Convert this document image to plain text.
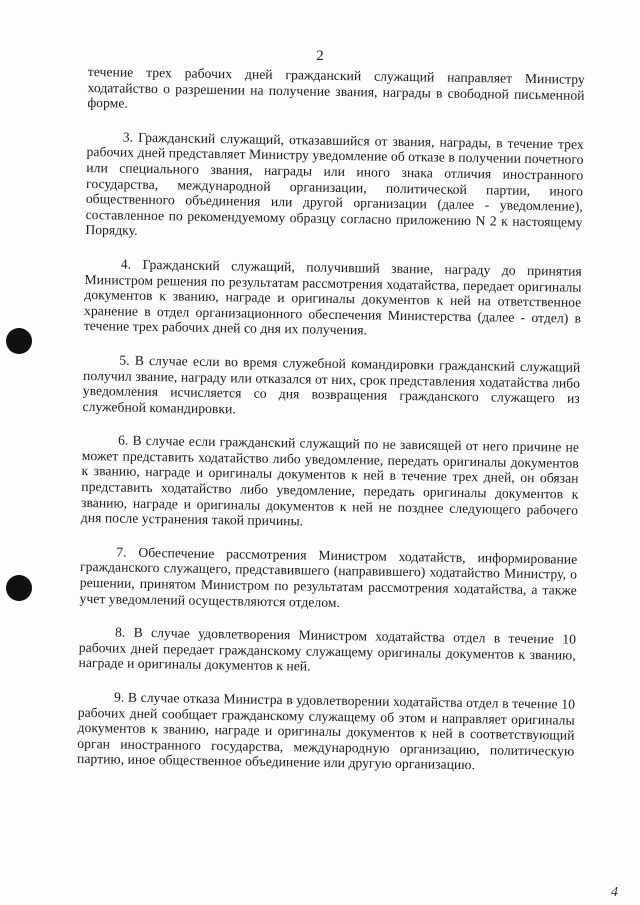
2

течение трех рабочих дней гражданский служащий направляет Министру ходатайство о разрешении на получение звания, награды в свободной письменной форме.

3. Гражданский служащий, отказавшийся от звания, награды, в течение трех рабочих дней представляет Министру уведомление об отказе в получении почетного или специального звания, награды или иного знака отличия иностранного государства, международной организации, политической партии, иного общественного объединения или другой организации (далее - уведомление), составленное по рекомендуемому образцу согласно приложению N 2 к настоящему Порядку.

4. Гражданский служащий, получивший звание, награду до принятия Министром решения по результатам рассмотрения ходатайства, передает оригиналы документов к званию, награде и оригиналы документов к ней на ответственное хранение в отдел организационного обеспечения Министерства (далее - отдел) в течение трех рабочих дней со дня их получения.

5. В случае если во время служебной командировки гражданский служащий получил звание, награду или отказался от них, срок представления ходатайства либо уведомления исчисляется со дня возвращения гражданского служащего из служебной командировки.

6. В случае если гражданский служащий по не зависящей от него причине не может представить ходатайство либо уведомление, передать оригиналы документов к званию, награде и оригиналы документов к ней в течение трех дней, он обязан представить ходатайство либо уведомление, передать оригиналы документов к званию, награде и оригиналы документов к ней не позднее следующего рабочего дня после устранения такой причины.

7. Обеспечение рассмотрения Министром ходатайств, информирование гражданского служащего, представившего (направившего) ходатайство Министру, о решении, принятом Министром по результатам рассмотрения ходатайства, а также учет уведомлений осуществляются отделом.

8. В случае удовлетворения Министром ходатайства отдел в течение 10 рабочих дней передает гражданскому служащему оригиналы документов к званию, награде и оригиналы документов к ней.

9. В случае отказа Министра в удовлетворении ходатайства отдел в течение 10 рабочих дней сообщает гражданскому служащему об этом и направляет оригиналы документов к званию, награде и оригиналы документов к ней в соответствующий орган иностранного государства, международную организацию, политическую партию, иное общественное объединение или другую организацию.

4
